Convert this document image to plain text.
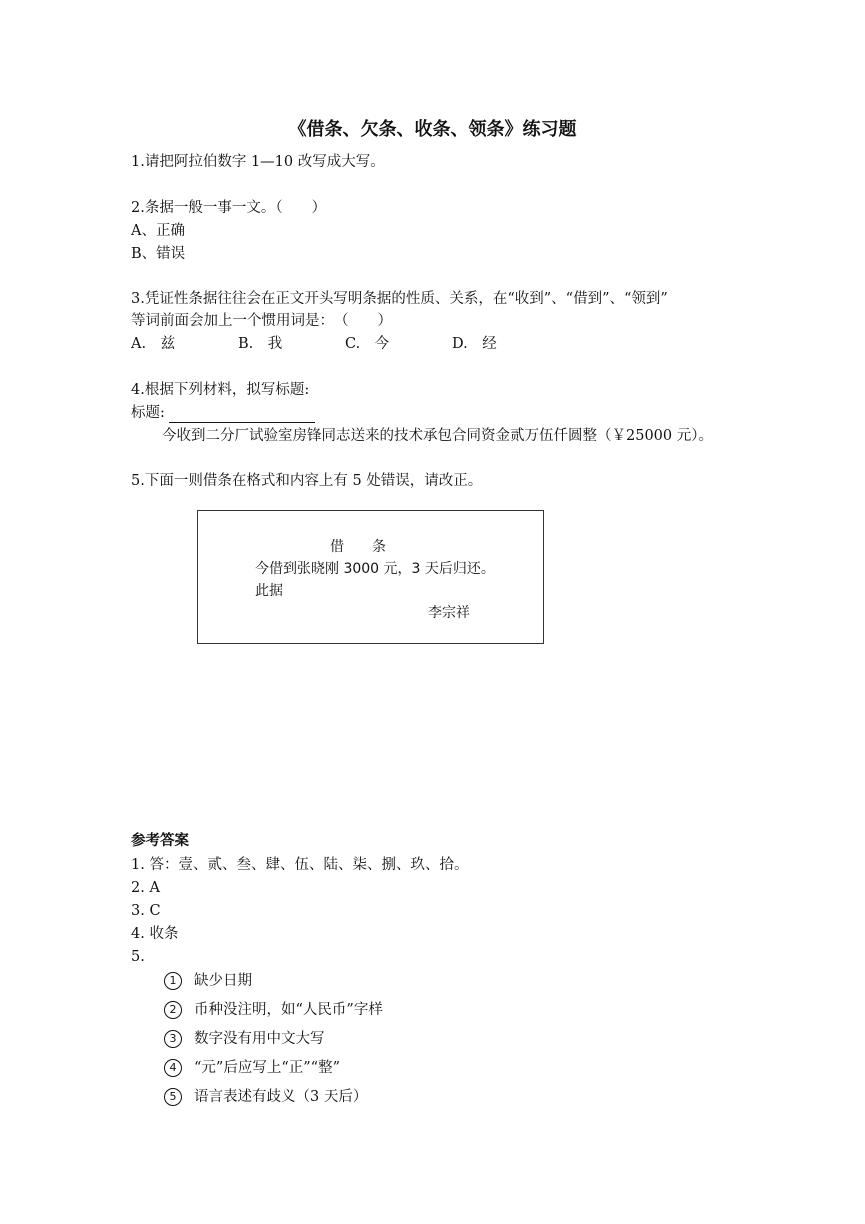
《借条、欠条、收条、领条》练习题
1.请把阿拉伯数字 1—10 改写成大写。
2.条据一般一事一文。（　　）
A、正确
B、错误
3.凭证性条据往往会在正文开头写明条据的性质、关系，在“收到”、“借到”、“领到”
等词前面会加上一个惯用词是：　（　　）
A.　兹	B.　我	C.　今	D.　经
4.根据下列材料，拟写标题:
标题:
今收到二分厂试验室房锋同志送来的技术承包合同资金贰万伍仟圆整（￥25000 元）。
5.下面一则借条在格式和内容上有 5 处错误，请改正。
借　　条
今借到张晓刚 3000 元，3 天后归还。
此据
李宗祥
参考答案
1. 答：壹、贰、叁、肆、伍、陆、柒、捌、玖、拾。
2. A
3. C
4. 收条
5.
1 缺少日期
2 币种没注明，如“人民币”字样
3 数字没有用中文大写
4 “元”后应写上“正”“整”
5 语言表述有歧义（3 天后）
